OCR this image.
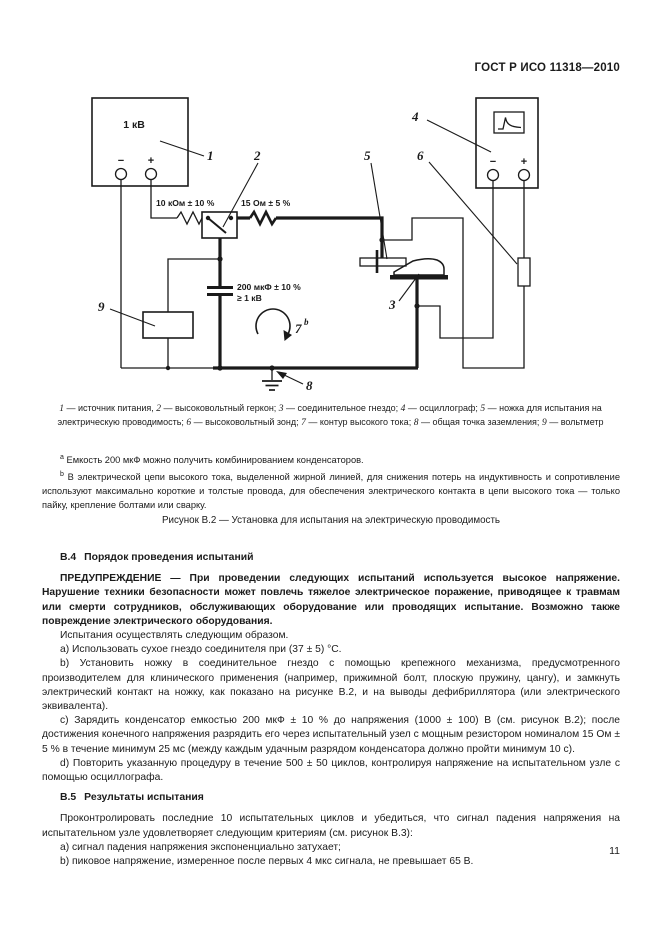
ГОСТ Р ИСО 11318—2010
1 кВ
− +	1
10 кОм ± 10 %
2
15 Ом ± 5 %
5
3
− +
4
6
200 мкФ ± 10 %
≥ 1 кВ
9
8
7 b
1 — источник питания, 2 — высоковольтный геркон; 3 — соединительное гнездо; 4 — осциллограф; 5 — ножка для испытания на электрическую проводимость; 6 — высоковольтный зонд; 7 — контур высокого тока; 8 — общая точка заземления; 9 — вольтметр

$^a$ Емкость 200 мкФ можно получить комбинированием конденсаторов.

$^b$ В электрической цепи высокого тока, выделенной жирной линией, для снижения потерь на индуктивность и сопротивление используют максимально короткие и толстые провода, для обеспечения электрического контакта в цепи высокого тока — только пайку, крепление болтами или сварку.

Рисунок В.2 — Установка для испытания на электрическую проводимость
В.4 Порядок проведения испытаний

ПРЕДУПРЕЖДЕНИЕ — При проведении следующих испытаний используется высокое напряжение. Нарушение техники безопасности может повлечь тяжелое электрическое поражение, приводящее к травмам или смерти сотрудников, обслуживающих оборудование или проводящих испытание. Возможно также повреждение электрического оборудования.

Испытания осуществлять следующим образом.

a) Использовать сухое гнездо соединителя при (37 ± 5) °С.

b) Установить ножку в соединительное гнездо с помощью крепежного механизма, предусмотренного производителем для клинического применения (например, прижимной болт, плоскую пружину, цангу), и замкнуть электрический контакт на ножку, как показано на рисунке В.2, и на выводы дефибриллятора (или электрического эквивалента).

c) Зарядить конденсатор емкостью 200 мкФ ± 10 % до напряжения (1000 ± 100) В (см. рисунок В.2); после достижения конечного напряжения разрядить его через испытательный узел с мощным резистором номиналом 15 Ом ± 5 % в течение минимум 25 мс (между каждым удачным разрядом конденсатора должно пройти минимум 10 с).

d) Повторить указанную процедуру в течение 500 ± 50 циклов, контролируя напряжение на испытательном узле с помощью осциллографа.

В.5 Результаты испытания

Проконтролировать последние 10 испытательных циклов и убедиться, что сигнал падения напряжения на испытательном узле удовлетворяет следующим критериям (см. рисунок В.3):

a) сигнал падения напряжения экспоненциально затухает;

b) пиковое напряжение, измеренное после первых 4 мкс сигнала, не превышает 65 В.

11
